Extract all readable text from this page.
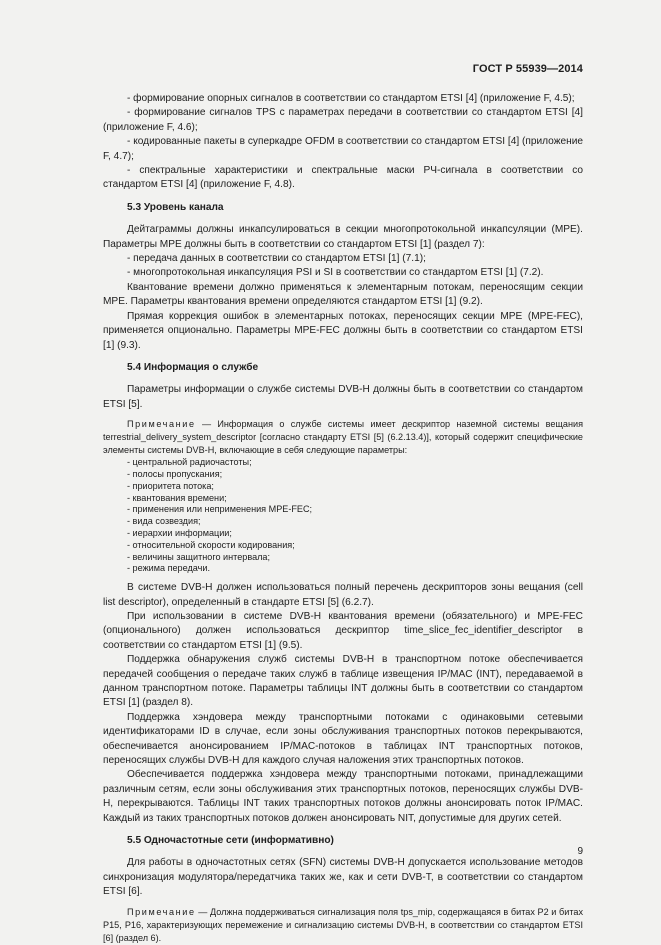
ГОСТ Р 55939—2014

- формирование опорных сигналов в соответствии со стандартом ETSI [4] (приложение F, 4.5);

- формирование сигналов TPS с параметрах передачи в соответствии со стандартом ETSI [4] (приложение F, 4.6);

- кодированные пакеты в суперкадре OFDM в соответствии со стандартом ETSI [4] (приложение F, 4.7);

- спектральные характеристики и спектральные маски РЧ-сигнала в соответствии со стандартом ETSI [4] (приложение F, 4.8).

5.3 Уровень канала

Дейтаграммы должны инкапсулироваться в секции многопротокольной инкапсуляции (MPE). Параметры MPE должны быть в соответствии со стандартом ETSI [1] (раздел 7):

- передача данных в соответствии со стандартом ETSI [1] (7.1);

- многопротокольная инкапсуляция PSI и SI в соответствии со стандартом ETSI [1] (7.2).

Квантование времени должно применяться к элементарным потокам, переносящим секции MPE. Параметры квантования времени определяются стандартом ETSI [1] (9.2).

Прямая коррекция ошибок в элементарных потоках, переносящих секции MPE (MPE-FEC), применяется опционально. Параметры MPE-FEC должны быть в соответствии со стандартом ETSI [1] (9.3).

5.4 Информация о службе

Параметры информации о службе системы DVB-H должны быть в соответствии со стандартом ETSI [5].

Примечание — Информация о службе системы имеет дескриптор наземной системы вещания terrestrial_delivery_system_descriptor [согласно стандарту ETSI [5] (6.2.13.4)], который содержит специфические элементы системы DVB-H, включающие в себя следующие параметры:

- центральной радиочастоты;
- полосы пропускания;
- приоритета потока;
- квантования времени;
- применения или неприменения MPE-FEC;
- вида созвездия;
- иерархии информации;
- относительной скорости кодирования;
- величины защитного интервала;
- режима передачи.

В системе DVB-H должен использоваться полный перечень дескрипторов зоны вещания (cell list descriptor), определенный в стандарте ETSI [5] (6.2.7).

При использовании в системе DVB-H квантования времени (обязательного) и MPE-FEC (опционального) должен использоваться дескриптор time_slice_fec_identifier_descriptor в соответствии со стандартом ETSI [1] (9.5).

Поддержка обнаружения служб системы DVB-H в транспортном потоке обеспечивается передачей сообщения о передаче таких служб в таблице извещения IP/MAC (INT), передаваемой в данном транспортном потоке. Параметры таблицы INT должны быть в соответствии со стандартом ETSI [1] (раздел 8).

Поддержка хэндовера между транспортными потоками с одинаковыми сетевыми идентификаторами ID в случае, если зоны обслуживания транспортных потоков перекрываются, обеспечивается анонсированием IP/MAC-потоков в таблицах INT транспортных потоков, переносящих службы DVB-H для каждого случая наложения этих транспортных потоков.

Обеспечивается поддержка хэндовера между транспортными потоками, принадлежащими различным сетям, если зоны обслуживания этих транспортных потоков, переносящих службы DVB-H, перекрываются. Таблицы INT таких транспортных потоков должны анонсировать поток IP/MAC. Каждый из таких транспортных потоков должен анонсировать NIT, допустимые для других сетей.

5.5 Одночастотные сети (информативно)

Для работы в одночастотных сетях (SFN) системы DVB-H допускается использование методов синхронизация модулятора/передатчика таких же, как и сети DVB-T, в соответствии со стандартом ETSI [6].

Примечание — Должна поддерживаться сигнализация поля tps_mip, содержащаяся в битах P2 и битах P15, P16, характеризующих перемежение и сигнализацию системы DVB-H, в соответствии со стандартом ETSI [6] (раздел 6).

9
